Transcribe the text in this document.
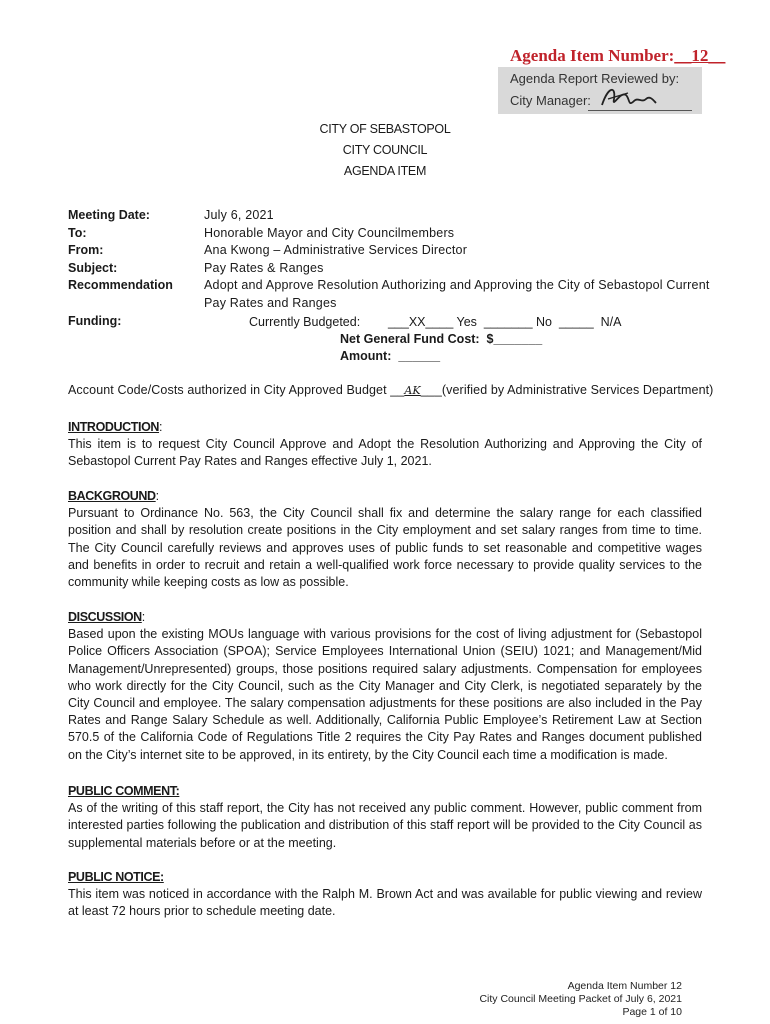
Agenda Item Number:__12__
Agenda Report Reviewed by:
City Manager:
CITY OF SEBASTOPOL
CITY COUNCIL
AGENDA ITEM
Meeting Date:	July 6, 2021
To:	Honorable Mayor and City Councilmembers
From:	Ana Kwong – Administrative Services Director
Subject:	Pay Rates & Ranges
Recommendation Adopt and Approve Resolution Authorizing and Approving the City of Sebastopol Current
Pay Rates and Ranges
Funding:	Currently Budgeted:        ___XX____ Yes  _______ No  _____  N/A
Net General Fund Cost:  $_______
Amount:  ______
Account Code/Costs authorized in City Approved Budget __AK___(verified by Administrative Services Department)
INTRODUCTION:
This item is to request City Council Approve and Adopt the Resolution Authorizing and Approving the City of Sebastopol Current Pay Rates and Ranges effective July 1, 2021.
BACKGROUND:
Pursuant to Ordinance No. 563, the City Council shall fix and determine the salary range for each classified position and shall by resolution create positions in the City employment and set salary ranges from time to time. The City Council carefully reviews and approves uses of public funds to set reasonable and competitive wages and benefits in order to recruit and retain a well-qualified work force necessary to provide quality services to the community while keeping costs as low as possible.
DISCUSSION:
Based upon the existing MOUs language with various provisions for the cost of living adjustment for (Sebastopol Police Officers Association (SPOA); Service Employees International Union (SEIU) 1021; and Management/Mid Management/Unrepresented) groups, those positions required salary adjustments. Compensation for employees who work directly for the City Council, such as the City Manager and City Clerk, is negotiated separately by the City Council and employee. The salary compensation adjustments for these positions are also included in the Pay Rates and Range Salary Schedule as well. Additionally, California Public Employee’s Retirement Law at Section 570.5 of the California Code of Regulations Title 2 requires the City Pay Rates and Ranges document published on the City’s internet site to be approved, in its entirety, by the City Council each time a modification is made.
PUBLIC COMMENT:
As of the writing of this staff report, the City has not received any public comment. However, public comment from interested parties following the publication and distribution of this staff report will be provided to the City Council as supplemental materials before or at the meeting.
PUBLIC NOTICE:
This item was noticed in accordance with the Ralph M. Brown Act and was available for public viewing and review at least 72 hours prior to schedule meeting date.
Agenda Item Number 12
City Council Meeting Packet of July 6, 2021
Page 1 of 10
